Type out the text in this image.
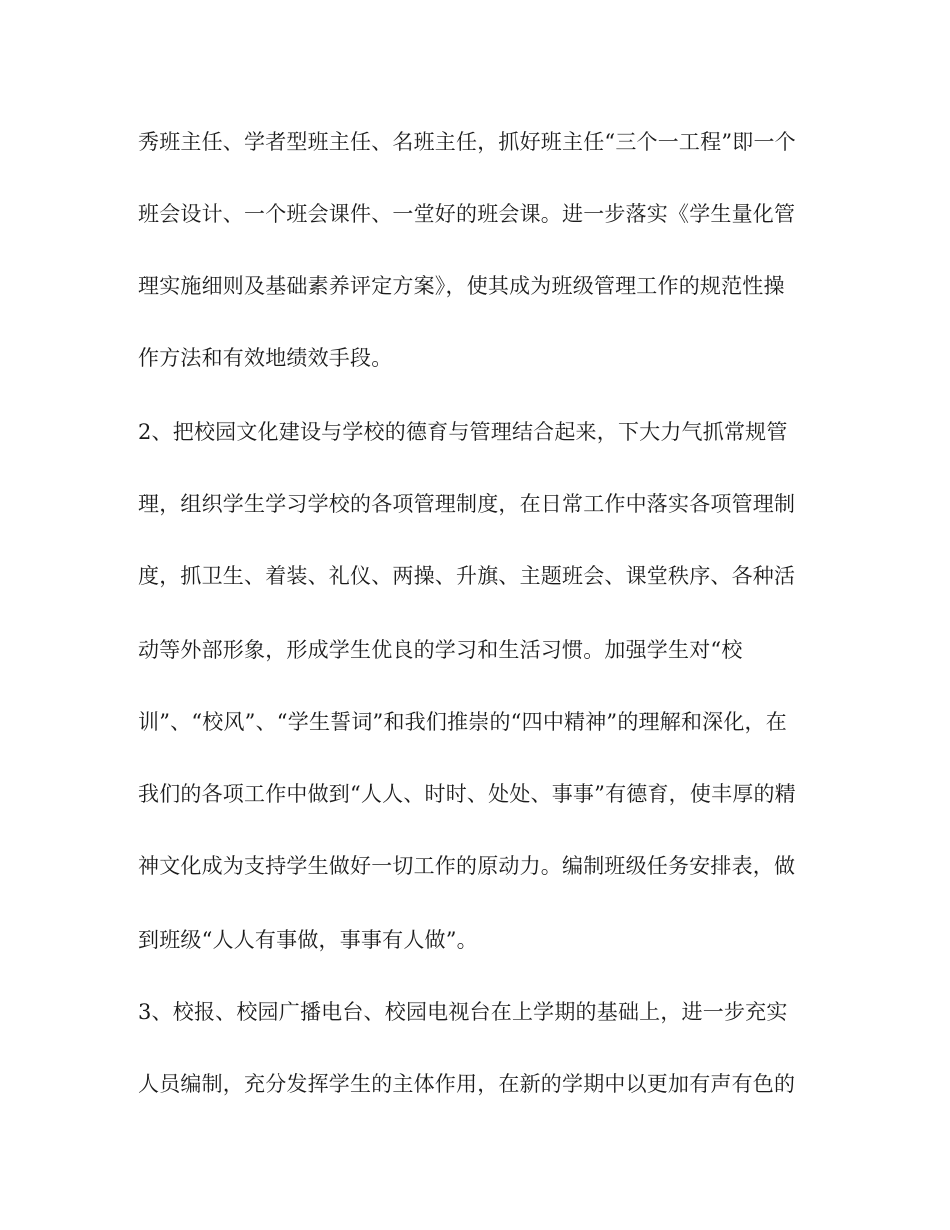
秀班主任、学者型班主任、名班主任，抓好班主任“三个一工程”即一个
班会设计、一个班会课件、一堂好的班会课。进一步落实《学生量化管
理实施细则及基础素养评定方案》，使其成为班级管理工作的规范性操
作方法和有效地绩效手段。
2、把校园文化建设与学校的德育与管理结合起来，下大力气抓常规管
理，组织学生学习学校的各项管理制度，在日常工作中落实各项管理制
度，抓卫生、着装、礼仪、两操、升旗、主题班会、课堂秩序、各种活
动等外部形象，形成学生优良的学习和生活习惯。加强学生对“校
训”、“校风”、“学生誓词”和我们推崇的“四中精神”的理解和深化，在
我们的各项工作中做到“人人、时时、处处、事事”有德育，使丰厚的精
神文化成为支持学生做好一切工作的原动力。编制班级任务安排表，做
到班级“人人有事做，事事有人做”。
3、校报、校园广播电台、校园电视台在上学期的基础上，进一步充实
人员编制，充分发挥学生的主体作用，在新的学期中以更加有声有色的
